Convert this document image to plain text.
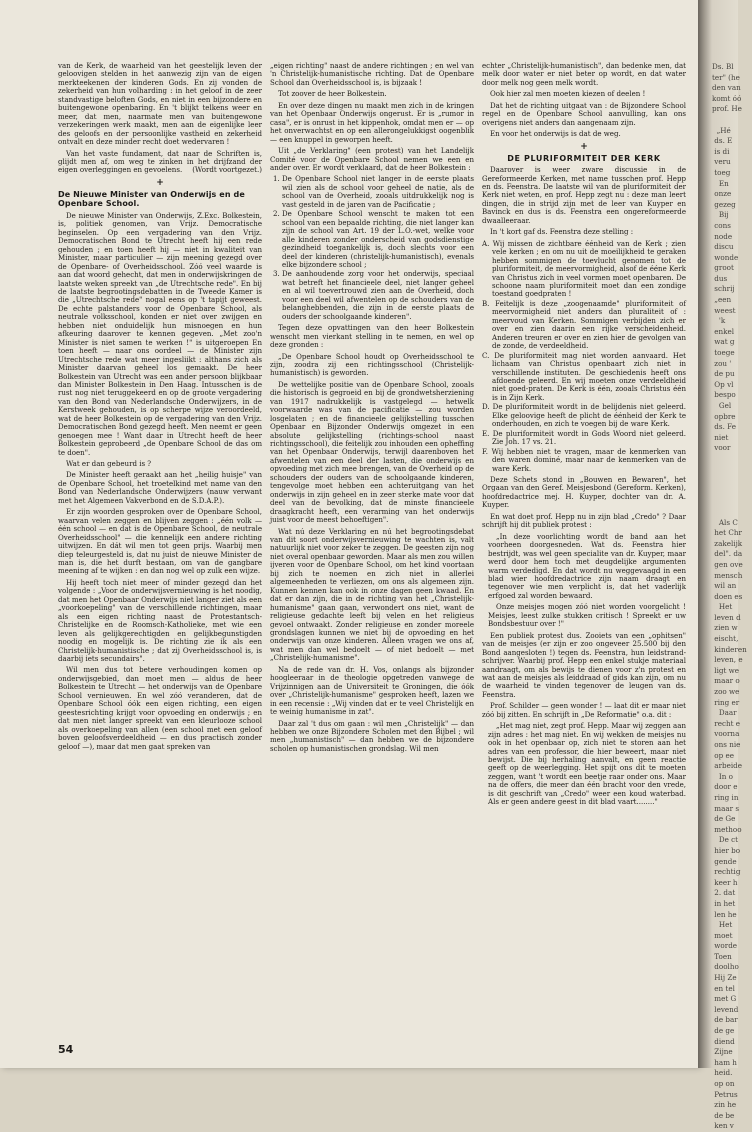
van de Kerk, de waarheid van het geestelijk leven der geloovigen stelden in het aanwezig zijn van de eigen merkteekenen der kinderen Gods. En zij vonden de zekerheid van hun volharding : in het geloof in de zeer standvastige beloften Gods, en niet in een bijzondere en buitengewone openbaring. En 't blijkt telkens weer en meer, dat men, naarmate men van buitengewone verzekeringen werk maakt, men aan de eigenlijke leer des geloofs en der persoonlijke vastheid en zekerheid ontvalt en deze minder recht doet wedervaren !

Van het vaste fundament, dat naar de Schriften is, glijdt men af, om weg te zinken in het drijfzand der eigen overleggingen en gevoelens.	(Wordt voortgezet.)

+
De Nieuwe Minister van Onderwijs en de Openbare School.

De nieuwe Minister van Onderwijs, Z.Exc. Bolkestein, is, politiek genomen, van Vrijz. Democratische beginselen. Op een vergadering van den Vrijz. Democratischen Bond te Utrecht heeft hij een rede gehouden ; en toen heeft hij — niet in kwaliteit van Minister, maar particulier — zijn meening gezegd over de Openbare- of Overheidsschool. Zóó veel waarde is aan dat woord gehecht, dat men in onderwijskringen de laatste weken spreekt van „de Utrechtsche rede". En bij de laatste begrootingsdebatten in de Tweede Kamer is die „Utrechtsche rede" nogal eens op 't tapijt geweest. De echte palstanders voor de Openbare School, als neutrale volksschool, konden er niet over zwijgen en hebben niet onduidelijk hun misnoegen en hun afkeuring daarover te kennen gegeven. „Met zoo'n Minister is niet samen te werken !" is uitgeroepen En toen heeft — naar ons oordeel — de Minister zijn Utrechtsche rede wat meer ingesliikt : althans zich als Minister daarvan geheel los gemaakt. De heer Bolkestein van Utrecht was een ander persoon blijkbaar dan Minister Bolkestein in Den Haag. Intusschen is de rust nog niet teruggekeerd en op de groote vergadering van den Bond van Nederlandsche Onderwijzers, in de Kerstweek gehouden, is op scherpe wijze veroordeeld, wat de heer Bolkestein op de vergadering van den Vrijz. Democratischen Bond gezegd heeft. Men neemt er geen genoegen mee ! Want daar in Utrecht heeft de heer Bolkestein geprobeerd „de Openbare School de das om te doen".

Wat er dan gebeurd is ?

De Minister heeft geraakt aan het „heilig huisje" van de Openbare School, het troetelkind met name van den Bond van Nederlandsche Onderwijzers (nauw verwant met het Algemeen Vakverbond en de S.D.A.P.).

Er zijn woorden gesproken over de Openbare School, waarvan velen zeggen en blijven zeggen : „één volk — één school — en dat is de Openbare School, de neutrale Overheidsschool" — die kennelijk een andere richting uitwijzen. En dát wil men tot geen prijs. Waarbij men diep teleurgesteld is, dat nu juist de nieuwe Minister de man is, die het durft bestaan, om van de gangbare meening af te wijken : en dan nog wel op zulk een wijze.

Hij heeft toch niet meer of minder gezegd dan het volgende : „Voor de onderwijsvernieuwing is het noodig, dat men het Openbaar Onderwijs niet langer ziet als een „voorkoepeling" van de verschillende richtingen, maar als een eigen richting naast de Protestantsch-Christelijke en de Roomsch-Katholieke, met wie een leven als gelijkgerechtigden en gelijkbegunstigden noodig en mogelijk is. De richting zie ik als een Christelijk-humanistische ; dat zij Overheidsschool is, is daarbij iets secundairs".

Wil men dus tot betere verhoudingen komen op onderwijsgebied, dan moet men — aldus de heer Bolkestein te Utrecht — het onderwijs van de Openbare School vernieuwen. En wel zóó veranderen, dat de Openbare School óók een eigen richting, een eigen geestesrichting krijgt voor opvoeding en onderwijs ; en dat men niet langer spreekt van een kleurlooze school als overkoepeling van allen (een school met een geloof boven geloofsverdeeldheid — en dus practisch zonder geloof —), maar dat men gaat spreken van

„eigen richting" naast de andere richtingen ; en wel van 'n Christelijk-humanistische richting. Dat de Openbare School dan Overheidsschool is, is bijzaak !

Tot zoover de heer Bolkestein.

En over deze dingen nu maakt men zich in de kringen van het Openbaar Onderwijs ongerust. Er is „rumor in casa", er is onrust in het kippenhok, omdat men er — op het onverwachtst en op een allerongelukkigst oogenblik — een knuppel in geworpen heeft.

Uit „de Verklaring" (een protest) van het Landelijk Comité voor de Openbare School nemen we een en ander over. Er wordt verklaard, dat de heer Bolkestein :

1. De Openbare School niet langer in de eerste plaats wil zien als de school voor geheel de natie, als de school van de Overheid, zooals uitdrukkelijk nog is vast gesteld in de jaren van de Pacificatie ;
2. De Openbare School wenscht te maken tot een school van een bepaalde richting, die niet langer kan zijn de school van Art. 19 der L.O.-wet, welke voor alle kinderen zonder onderscheid van godsdienstige gezindheid toegankelijk is, doch slechts voor een deel der kinderen (christelijk-humanistisch), evenals elke bijzondere school ;
3. De aanhoudende zorg voor het onderwijs, speciaal wat betreft het financieele deel, niet langer geheel en al wil toevertrouwd zien aan de Overheid, doch voor een deel wil afwentelen op de schouders van de belanghebbenden, die zijn in de eerste plaats de ouders der schoolgaande kinderen".

Tegen deze opvattingen van den heer Bolkestein wenscht men vierkant stelling in te nemen, en wel op deze gronden :

„De Openbare School houdt op Overheidsschool te zijn, zoodra zij een richtingsschool (Christelijk-humanistisch) is geworden.

De wettelijke positie van de Openbare School, zooals die historisch is gegroeid en bij de grondwetsherziening van 1917 nadrukkelijk is vastgelegd — hetwelk voorwaarde was van de pacificatie — zou worden losgelaten ; en de financieele gelijkstelling tusschen Openbaar en Bijzonder Onderwijs omgezet in een absolute gelijkstelling (richtings-school naast richtingsschool), die feitelijk zou inhouden een opheffing van het Openbaar Onderwijs, terwijl daarenboven het afwentelen van een deel der lasten, die onderwijs en opvoeding met zich mee brengen, van de Overheid op de schouders der ouders van de schoolgaande kinderen, tengevolge moet hebben een achteruitgang van het onderwijs in zijn geheel en in zeer sterke mate voor dat deel van de bevolking, dat de minste financieele draagkracht heeft, een verarming van het onderwijs juist voor de meest behoeftigen".

Wat nú deze Verklaring en nú het begrootingsdebat van dit soort onderwijsvernieuwing te wachten is, valt natuurlijk niet voor zeker te zeggen. De geesten zijn nog niet overal openbaar geworden. Maar als men zou willen ijveren voor de Openbare School, om het kind voortaan bij zich te noemen en zich niet in allerlei algemeenheden te verliezen, om ons als algemeen zijn. Kunnen kennen kan ook in onze dagen geen kwaad. En dat er dan zijn, die in de richting van het „Christelijk-humanisme" gaan gaan, verwondert ons niet, want de religieuse gedachte leeft bij velen en het religieus gevoel ontwaakt. Zonder religieuse en zonder moreele grondslagen kunnen we niet bij de opvoeding en het onderwijs van onze kinderen. Alleen vragen we ons af, wat men dan wel bedoelt — of niet bedoelt — met „Christelijk-humanisme".

Na de rede van dr. H. Vos, onlangs als bijzonder hoogleeraar in de theologie opgetreden vanwege de Vrijzinnigen aan de Universiteit te Groningen, die óók over „Christelijk-humanisme" gesproken heeft, lazen we in een recensie : „Wij vinden dat er te veel Christelijk en te weinig humanisme in zat".

Daar zal 't dus om gaan : wil men „Christelijk" — dan hebben we onze Bijzondere Scholen met den Bijbel ; wil men „humanistisch" — dan hebben we de bijzondere scholen op humanistischen grondslag. Wil men

echter „Christelijk-humanistisch", dan bedenke men, dat melk door water er niet beter op wordt, en dat water door melk nog geen melk wordt.

Ook hier zal men moeten kiezen of deelen !

Dat het de richting uitgaat van : de Bijzondere School regel en de Openbare School aanvulling, kan ons overigens niet anders dan aangenaam zijn.

En voor het onderwijs is dat de weg.

+
DE PLURIFORMITEIT DER KERK

Daarover is weer zware discussie in de Gereformeerde Kerken, met name tusschen prof. Hepp en ds. Feenstra. De laatste wil van de pluriformiteit der Kerk niet weten, en prof. Hepp zegt nu : deze man leert dingen, die in strijd zijn met de leer van Kuyper en Bavinck en dus is ds. Feenstra een ongereformeerde dwaalleeraar.

In 't kort gaf ds. Feenstra deze stelling :

A. Wij missen de zichtbare éénheid van de Kerk ; zien vele kerken ; en om nu uit de moeilijkheid te geraken hebben sommigen de toevlucht genomen tot de pluriformiteit, de meervormigheid, alsof de ééne Kerk van Christus zich in veel vormen moet openbaren. De schoone naam pluriformiteit moet dan een zondige toestand goedpraten !
B. Feitelijk is deze „zoogenaamde" pluriformiteit of meervormigheid niet anders dan pluraliteit of : meervoud van Kerken. Sommigen verbijden zich er over en zien daarin een rijke verscheidenheid. Anderen treuren er over en zien hier de gevolgen van de zonde, de verdeeldheid.
C. De pluriformiteit mag niet worden aanvaard. Het lichaam van Christus openbaart zich niet in verschillende instituten. De geschiedenis heeft ons afdoende geleerd. En wij moeten onze verdeeldheid niet goed-praten. De Kerk is één, zooals Christus één is in Zijn Kerk.
D. De pluriformiteit wordt in de belijdenis niet geleerd. Elke geloovige heeft de plicht de éénheid der Kerk te onderhouden, en zich te voegen bij de ware Kerk.
E. De pluriformiteit wordt in Gods Woord niet geleerd. Zie Joh. 17 vs. 21.
F. Wij hebben niet te vragen, maar de kenmerken van den waren dominé, maar naar de kenmerken van de ware Kerk.

Deze Schets stond in „Bouwen en Bewaren", het Orgaan van den Geref. Meisjesbond (Gereform. Kerken), hoofdredactrice mej. H. Kuyper, dochter van dr. A. Kuyper.

En wat doet prof. Hepp nu in zijn blad „Credo" ? Daar schrijft hij dit publiek protest :

„In deze voorlichting wordt de band aan het voorheen doorgesneden. Wat ds. Feenstra hier bestrijdt, was wel geen specialite van dr. Kuyper, maar werd door hem toch met deugdelijke argumenten warm verdedigd. En dat wordt nu weggevaagd in een blad wier hoofdredactrice zijn naam draagt en tegenover wie men verplicht is, dat het vaderlijk erfgoed zal worden bewaard.
Onze meisjes mogen zóó niet worden voorgelicht ! Meisjes, leest zulke stukken critisch ! Spreekt er uw Bondsbestuur over !"

Een publiek protest dus. Zooiets van een „ophitsen" van de meisjes (er zijn er zoo ongeveer 25.500 bij den Bond aangesloten !) tegen ds. Feenstra, hun leidstrand-schrijver. Waarbij prof. Hepp een enkel stukje materiaal aandraagt, om als bewijs te dienen voor z'n protest en wat aan de meisjes als leiddraad of gids kan zijn, om nu de waarheid te vinden tegenover de leugen van ds. Feenstra.

Prof. Schilder — geen wonder ! — laat dit er maar niet zóó bij zitten. En schrijft in „De Reformatie" o.a. dit :

„Het mag niet, zegt prof. Hepp. Maar wij zeggen aan zijn adres : het mag niet. En wij wekken de meisjes nu ook in het openbaar op, zich niet te storen aan het adres van een professor, die hier beweert, maar niet bewijst. Die bij herhaling aanvalt, en geen reactie geeft op de weerlegging. Het spijt ons dit te moeten zeggen, want 't wordt een beetje raar onder ons. Maar na de offers, die meer dan één bracht voor den vrede, is dit geschrift van „Credo" weer een koud waterbad. Als er geen andere geest in dit blad vaart........"
54
Ds. Bl
ter" (he
den van
komt óó
prof. He

„Hé
ds. E
is di
veru
toeg
En
onze
gezeg
Bij
cons
node
discu
wonde
groot
dus
schrij
„een
weest
'k
enkel
wat g
toege
zou '
de pu
Op vl
bespo
Gel
opbre
ds. Fe
niet
voor

Als C
het Chr
zakelijk
del". da
gen ove
mensch
wil an
doen es
Het
leven d
zien w
eischt,
kinderen
leven, e
ligt we
maar o
zoo we
ring er
Daar
recht e
voorna
ons nie
op ee
arbeide
In o
door e
ring in
maar s
de Ge
methoo
De ct
hier bo
gende
rechtig
keer h
2. dat
in het
len he
Het
moet
worde
Toen
doolho
Hij Ze
en tel
met G
levend
de bar
de ge
diend
Zijne
ham h
heid.
op on
Petrus
zin he
de be
ken v
